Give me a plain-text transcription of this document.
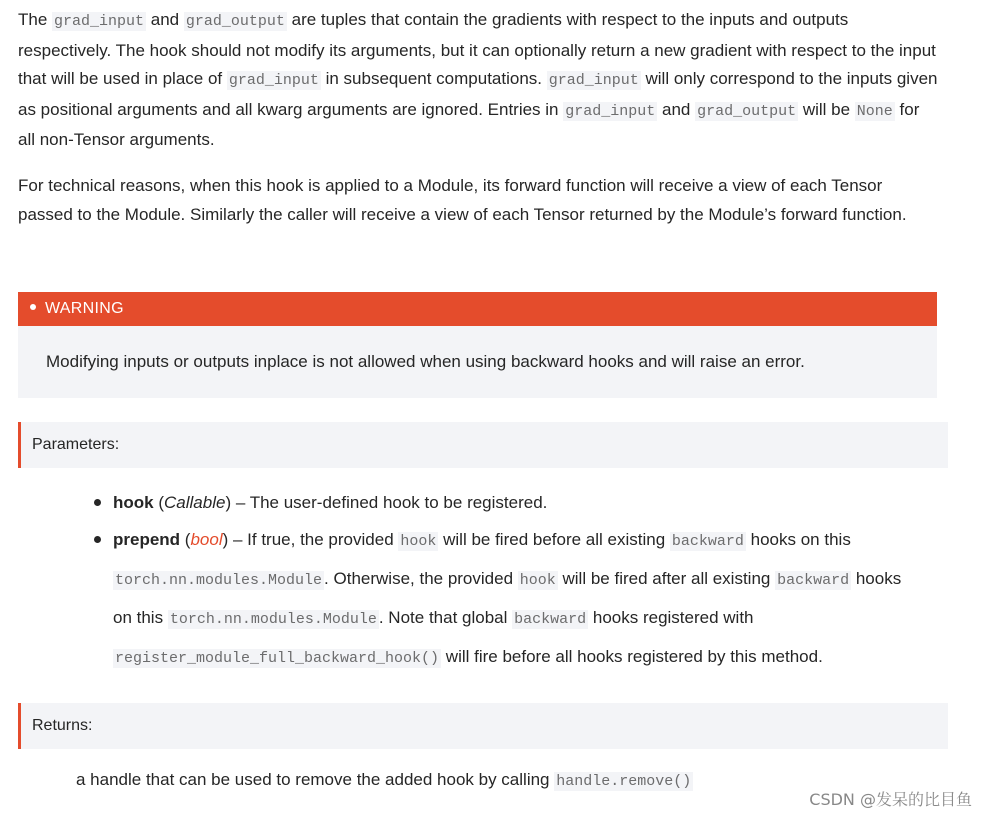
The grad_input and grad_output are tuples that contain the gradients with respect to the inputs and outputs respectively. The hook should not modify its arguments, but it can optionally return a new gradient with respect to the input that will be used in place of grad_input in subsequent computations. grad_input will only correspond to the inputs given as positional arguments and all kwarg arguments are ignored. Entries in grad_input and grad_output will be None for all non-Tensor arguments.

For technical reasons, when this hook is applied to a Module, its forward function will receive a view of each Tensor passed to the Module. Similarly the caller will receive a view of each Tensor returned by the Module’s forward function.

WARNING
Modifying inputs or outputs inplace is not allowed when using backward hooks and will raise an error.
Parameters:
Returns:
hook (Callable) – The user-defined hook to be registered.
prepend (bool) – If true, the provided hook will be fired before all existing backward hooks on this torch.nn.modules.Module . Otherwise, the provided hook will be fired after all existing backward hooks on this torch.nn.modules.Module . Note that global backward hooks registered with register_module_full_backward_hook() will fire before all hooks registered by this method.

a handle that can be used to remove the added hook by calling handle.remove()

CSDN @发呆的比目鱼
